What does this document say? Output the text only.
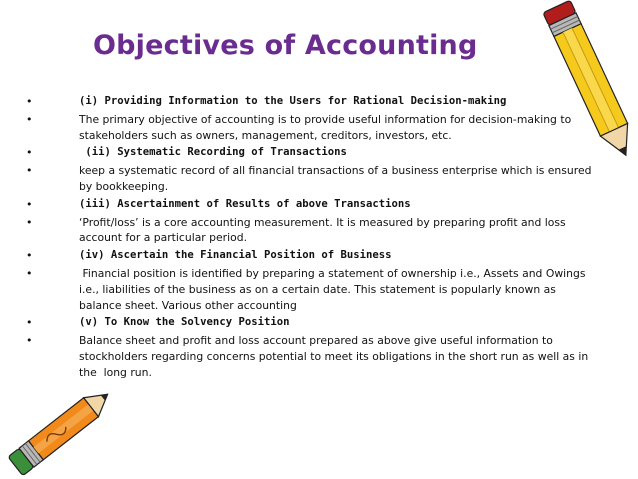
Objectives of Accounting
•	(i) Providing Information to the Users for Rational Decision-making
•	The primary objective of accounting is to provide useful information for decision-making to stakeholders such as owners, management, creditors, investors, etc.
•	(ii) Systematic Recording of Transactions
•	keep a systematic record of all financial transactions of a business enterprise which is ensured by bookkeeping.
•	(iii) Ascertainment of Results of above Transactions
•	‘Profit/loss’ is a core accounting measurement. It is measured by preparing profit and loss account for a particular period.
•	(iv) Ascertain the Financial Position of Business
•	Financial position is identified by preparing a statement of ownership i.e., Assets and Owings i.e., liabilities of the business as on a certain date. This statement is popularly known as balance sheet. Various other accounting
•	(v) To Know the Solvency Position
•	Balance sheet and profit and loss account prepared as above give useful information to stockholders regarding concerns potential to meet its obligations in the short run as well as in the  long run.
